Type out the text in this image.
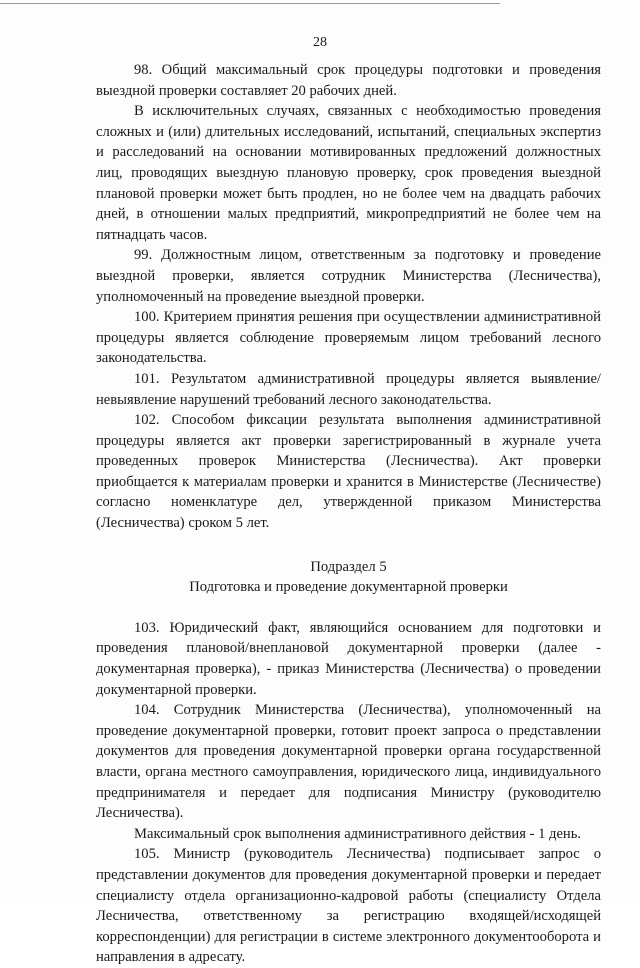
28

98. Общий максимальный срок процедуры подготовки и проведения выездной проверки составляет 20 рабочих дней.

В исключительных случаях, связанных с необходимостью проведения сложных и (или) длительных исследований, испытаний, специальных экспертиз и расследований на основании мотивированных предложений должностных лиц, проводящих выездную плановую проверку, срок проведения выездной плановой проверки может быть продлен, но не более чем на двадцать рабочих дней, в отношении малых предприятий, микропредприятий не более чем на пятнадцать часов.

99. Должностным лицом, ответственным за подготовку и проведение выездной проверки, является сотрудник Министерства (Лесничества), уполномоченный на проведение выездной проверки.

100. Критерием принятия решения при осуществлении административной процедуры является соблюдение проверяемым лицом требований лесного законодательства.

101. Результатом административной процедуры является выявление/невыявление нарушений требований лесного законодательства.

102. Способом фиксации результата выполнения административной процедуры является акт проверки зарегистрированный в журнале учета проведенных проверок Министерства (Лесничества). Акт проверки приобщается к материалам проверки и хранится в Министерстве (Лесничестве) согласно номенклатуре дел, утвержденной приказом Министерства (Лесничества) сроком 5 лет.

Подраздел 5

Подготовка и проведение документарной проверки

103. Юридический факт, являющийся основанием для подготовки и проведения плановой/внеплановой документарной проверки (далее - документарная проверка), - приказ Министерства (Лесничества) о проведении документарной проверки.

104. Сотрудник Министерства (Лесничества), уполномоченный на проведение документарной проверки, готовит проект запроса о представлении документов для проведения документарной проверки органа государственной власти, органа местного самоуправления, юридического лица, индивидуального предпринимателя и передает для подписания Министру (руководителю Лесничества).

Максимальный срок выполнения административного действия - 1 день.

105. Министр (руководитель Лесничества) подписывает запрос о представлении документов для проведения документарной проверки и передает специалисту отдела организационно-кадровой работы (специалисту Отдела Лесничества, ответственному за регистрацию входящей/исходящей корреспонденции) для регистрации в системе электронного документооборота и направления в адресату.
